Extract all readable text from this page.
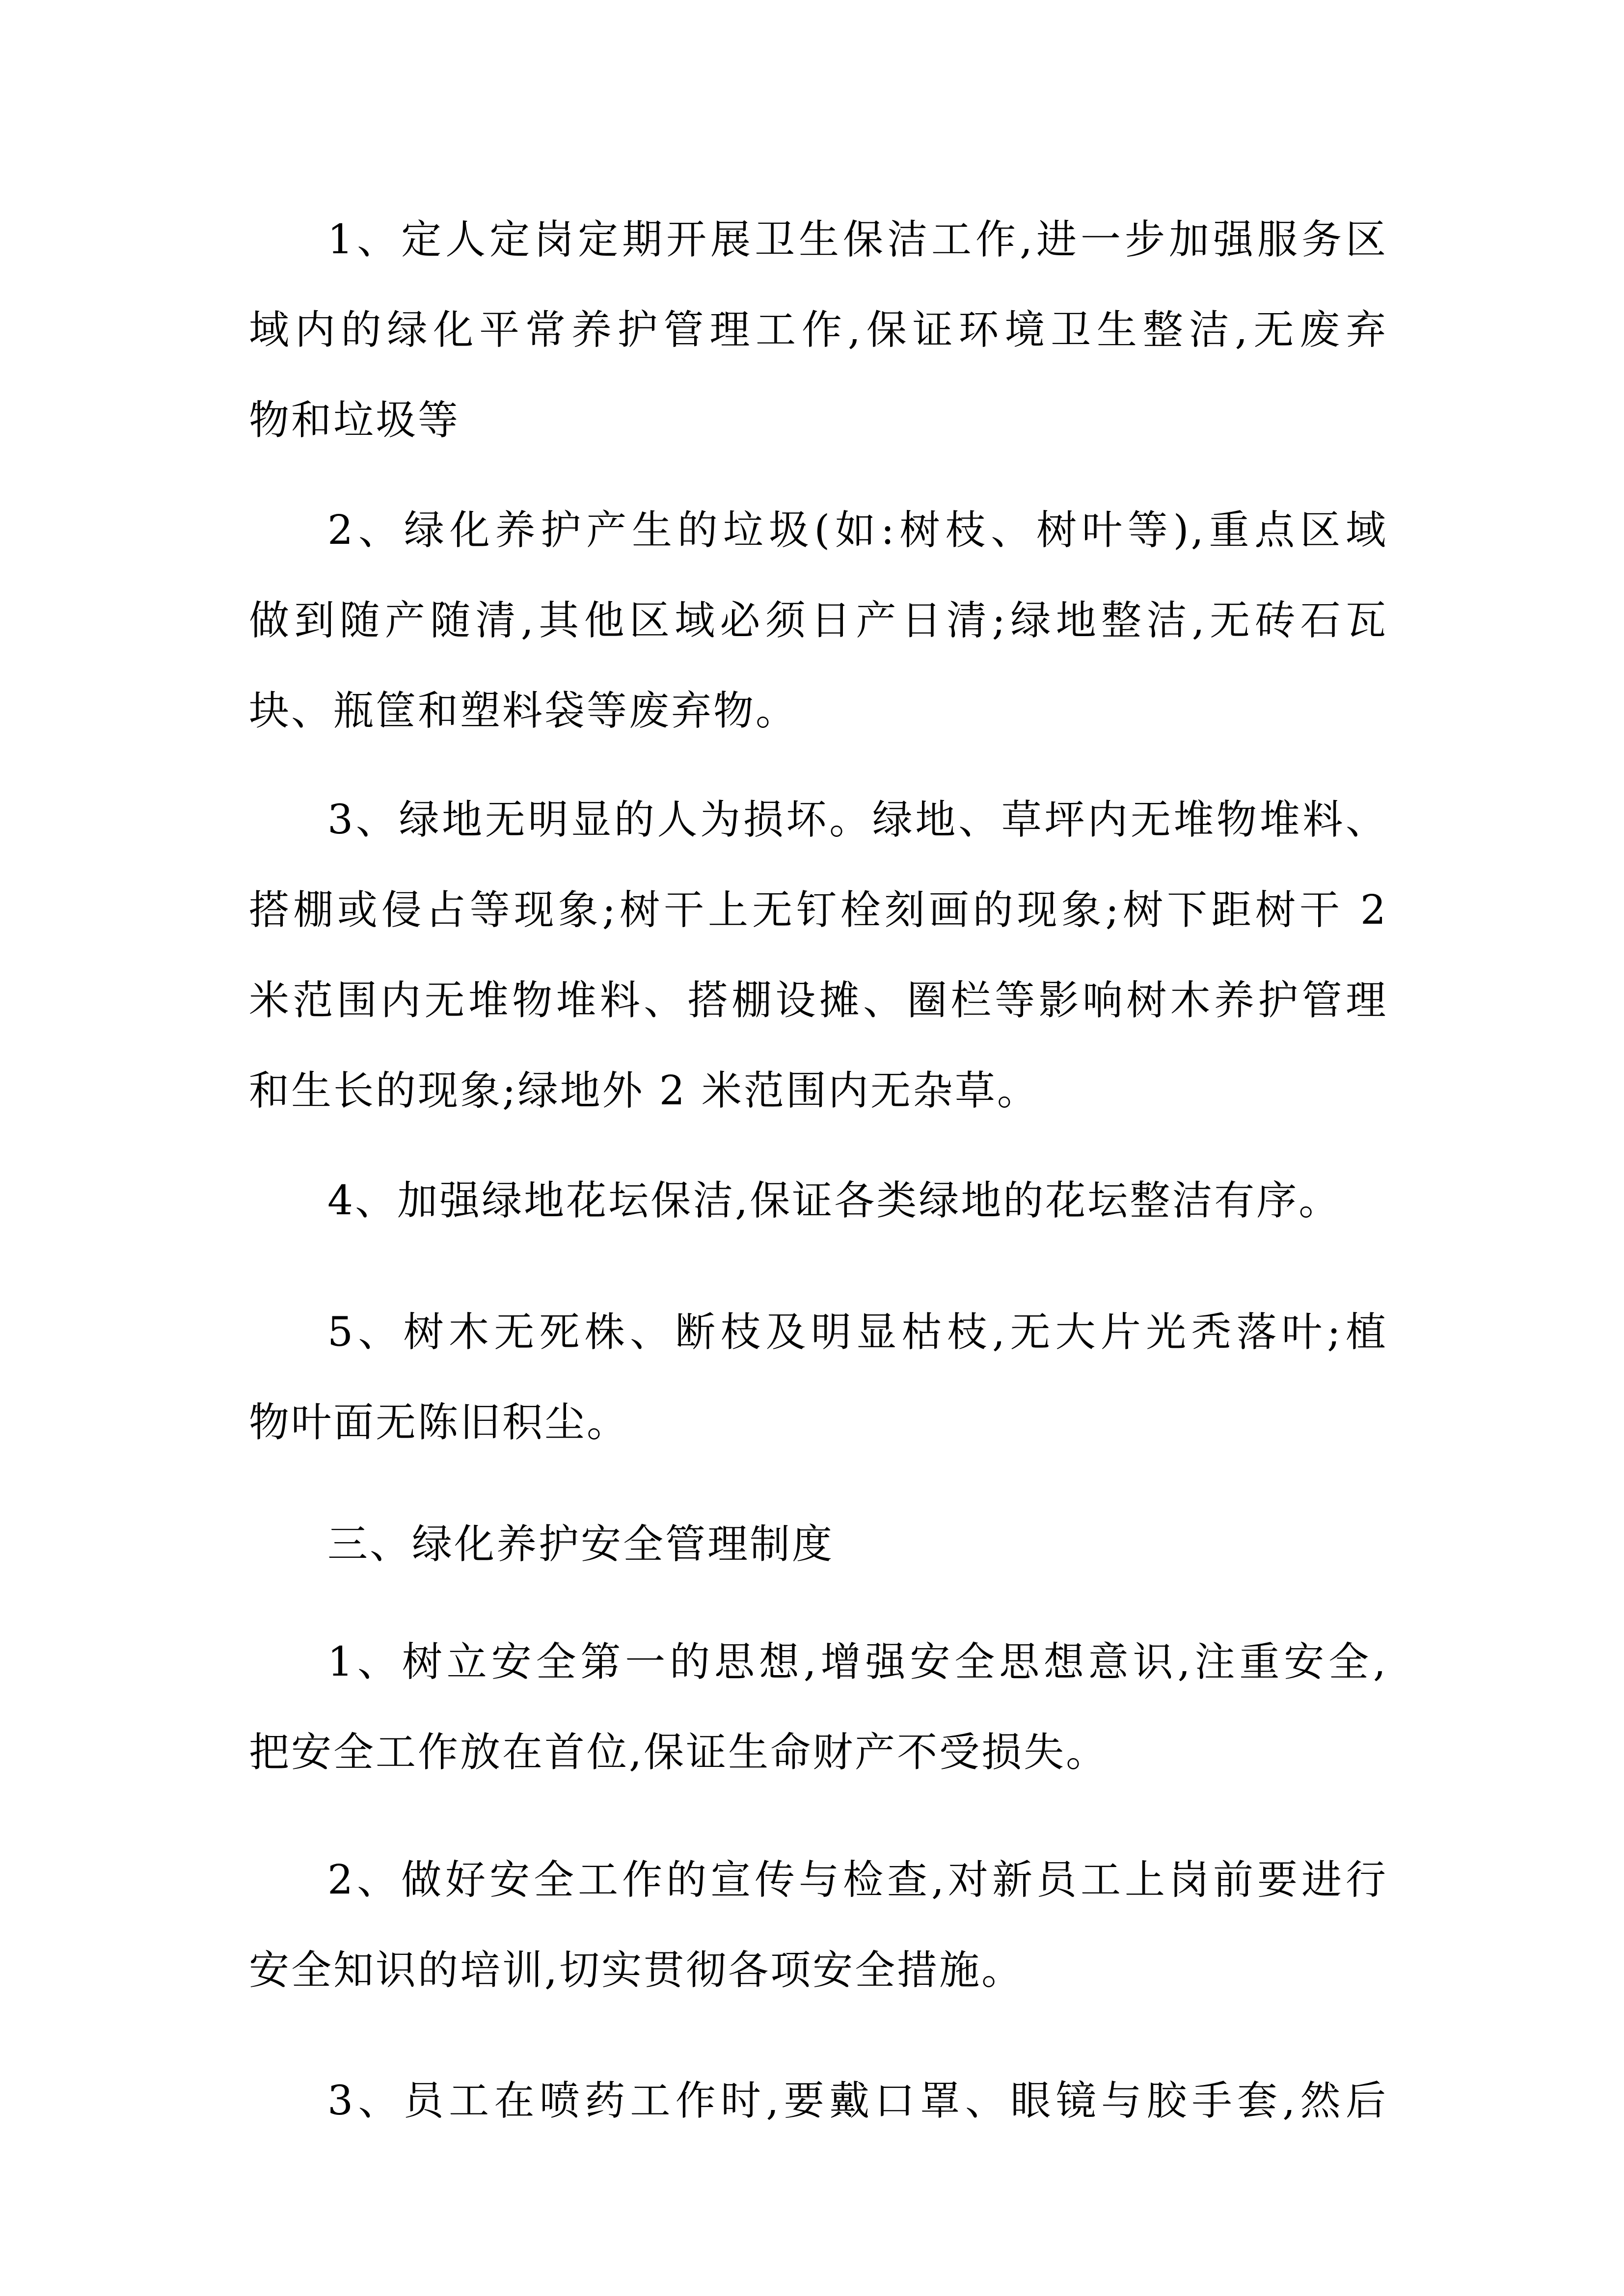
1、定人定岗定期开展卫生保洁工作,进一步加强服务区
域内的绿化平常养护管理工作,保证环境卫生整洁,无废弃
物和垃圾等
2、绿化养护产生的垃圾(如:树枝、树叶等),重点区域
做到随产随清,其他区域必须日产日清;绿地整洁,无砖石瓦
块、瓶筐和塑料袋等废弃物。
3、绿地无明显的人为损坏。绿地、草坪内无堆物堆料、
搭棚或侵占等现象;树干上无钉栓刻画的现象;树下距树干 2
米范围内无堆物堆料、搭棚设摊、圈栏等影响树木养护管理
和生长的现象;绿地外 2 米范围内无杂草。
4、加强绿地花坛保洁,保证各类绿地的花坛整洁有序。
5、树木无死株、断枝及明显枯枝,无大片光秃落叶;植
物叶面无陈旧积尘。
三、绿化养护安全管理制度
1、树立安全第一的思想,增强安全思想意识,注重安全,
把安全工作放在首位,保证生命财产不受损失。
2、做好安全工作的宣传与检查,对新员工上岗前要进行
安全知识的培训,切实贯彻各项安全措施。
3、员工在喷药工作时,要戴口罩、眼镜与胶手套,然后
